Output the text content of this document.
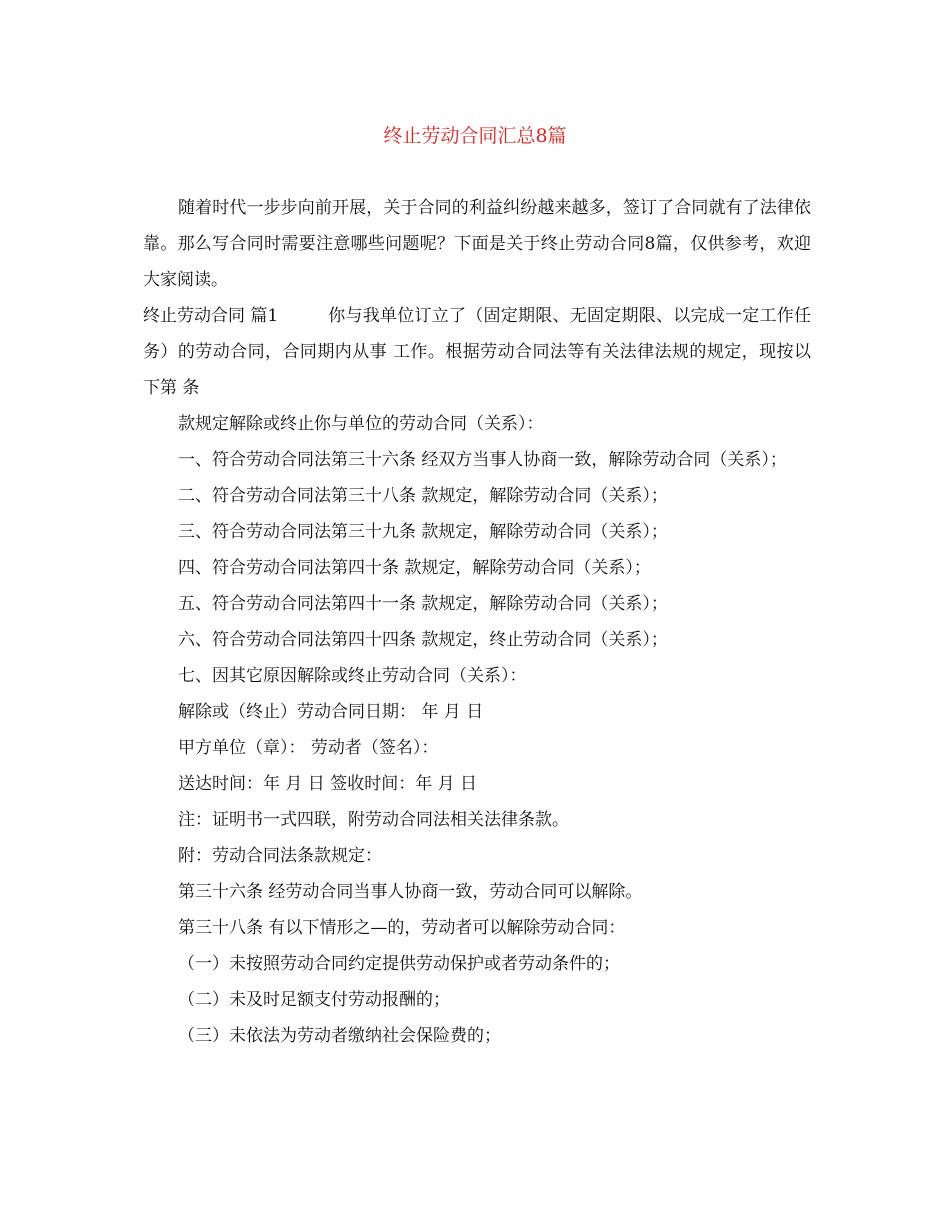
终止劳动合同汇总8篇

随着时代一步步向前开展，关于合同的利益纠纷越来越多，签订了合同就有了法律依靠。那么写合同时需要注意哪些问题呢？下面是关于终止劳动合同8篇，仅供参考，欢迎大家阅读。

终止劳动合同 篇1	你与我单位订立了（固定期限、无固定期限、以完成一定工作任务）的劳动合同，合同期内从事 工作。根据劳动合同法等有关法律法规的规定，现按以下第 条

款规定解除或终止你与单位的劳动合同（关系）：

一、符合劳动合同法第三十六条 经双方当事人协商一致，解除劳动合同（关系）；

二、符合劳动合同法第三十八条 款规定，解除劳动合同（关系）；

三、符合劳动合同法第三十九条 款规定，解除劳动合同（关系）；

四、符合劳动合同法第四十条 款规定，解除劳动合同（关系）；

五、符合劳动合同法第四十一条 款规定，解除劳动合同（关系）；

六、符合劳动合同法第四十四条 款规定，终止劳动合同（关系）；

七、因其它原因解除或终止劳动合同（关系）：

解除或（终止）劳动合同日期： 年 月 日

甲方单位（章）： 劳动者（签名）：

送达时间：年 月 日 签收时间：年 月 日

注：证明书一式四联，附劳动合同法相关法律条款。

附：劳动合同法条款规定：

第三十六条 经劳动合同当事人协商一致，劳动合同可以解除。

第三十八条 有以下情形之—的，劳动者可以解除劳动合同：

（一）未按照劳动合同约定提供劳动保护或者劳动条件的；

（二）未及时足额支付劳动报酬的；

（三）未依法为劳动者缴纳社会保险费的；
